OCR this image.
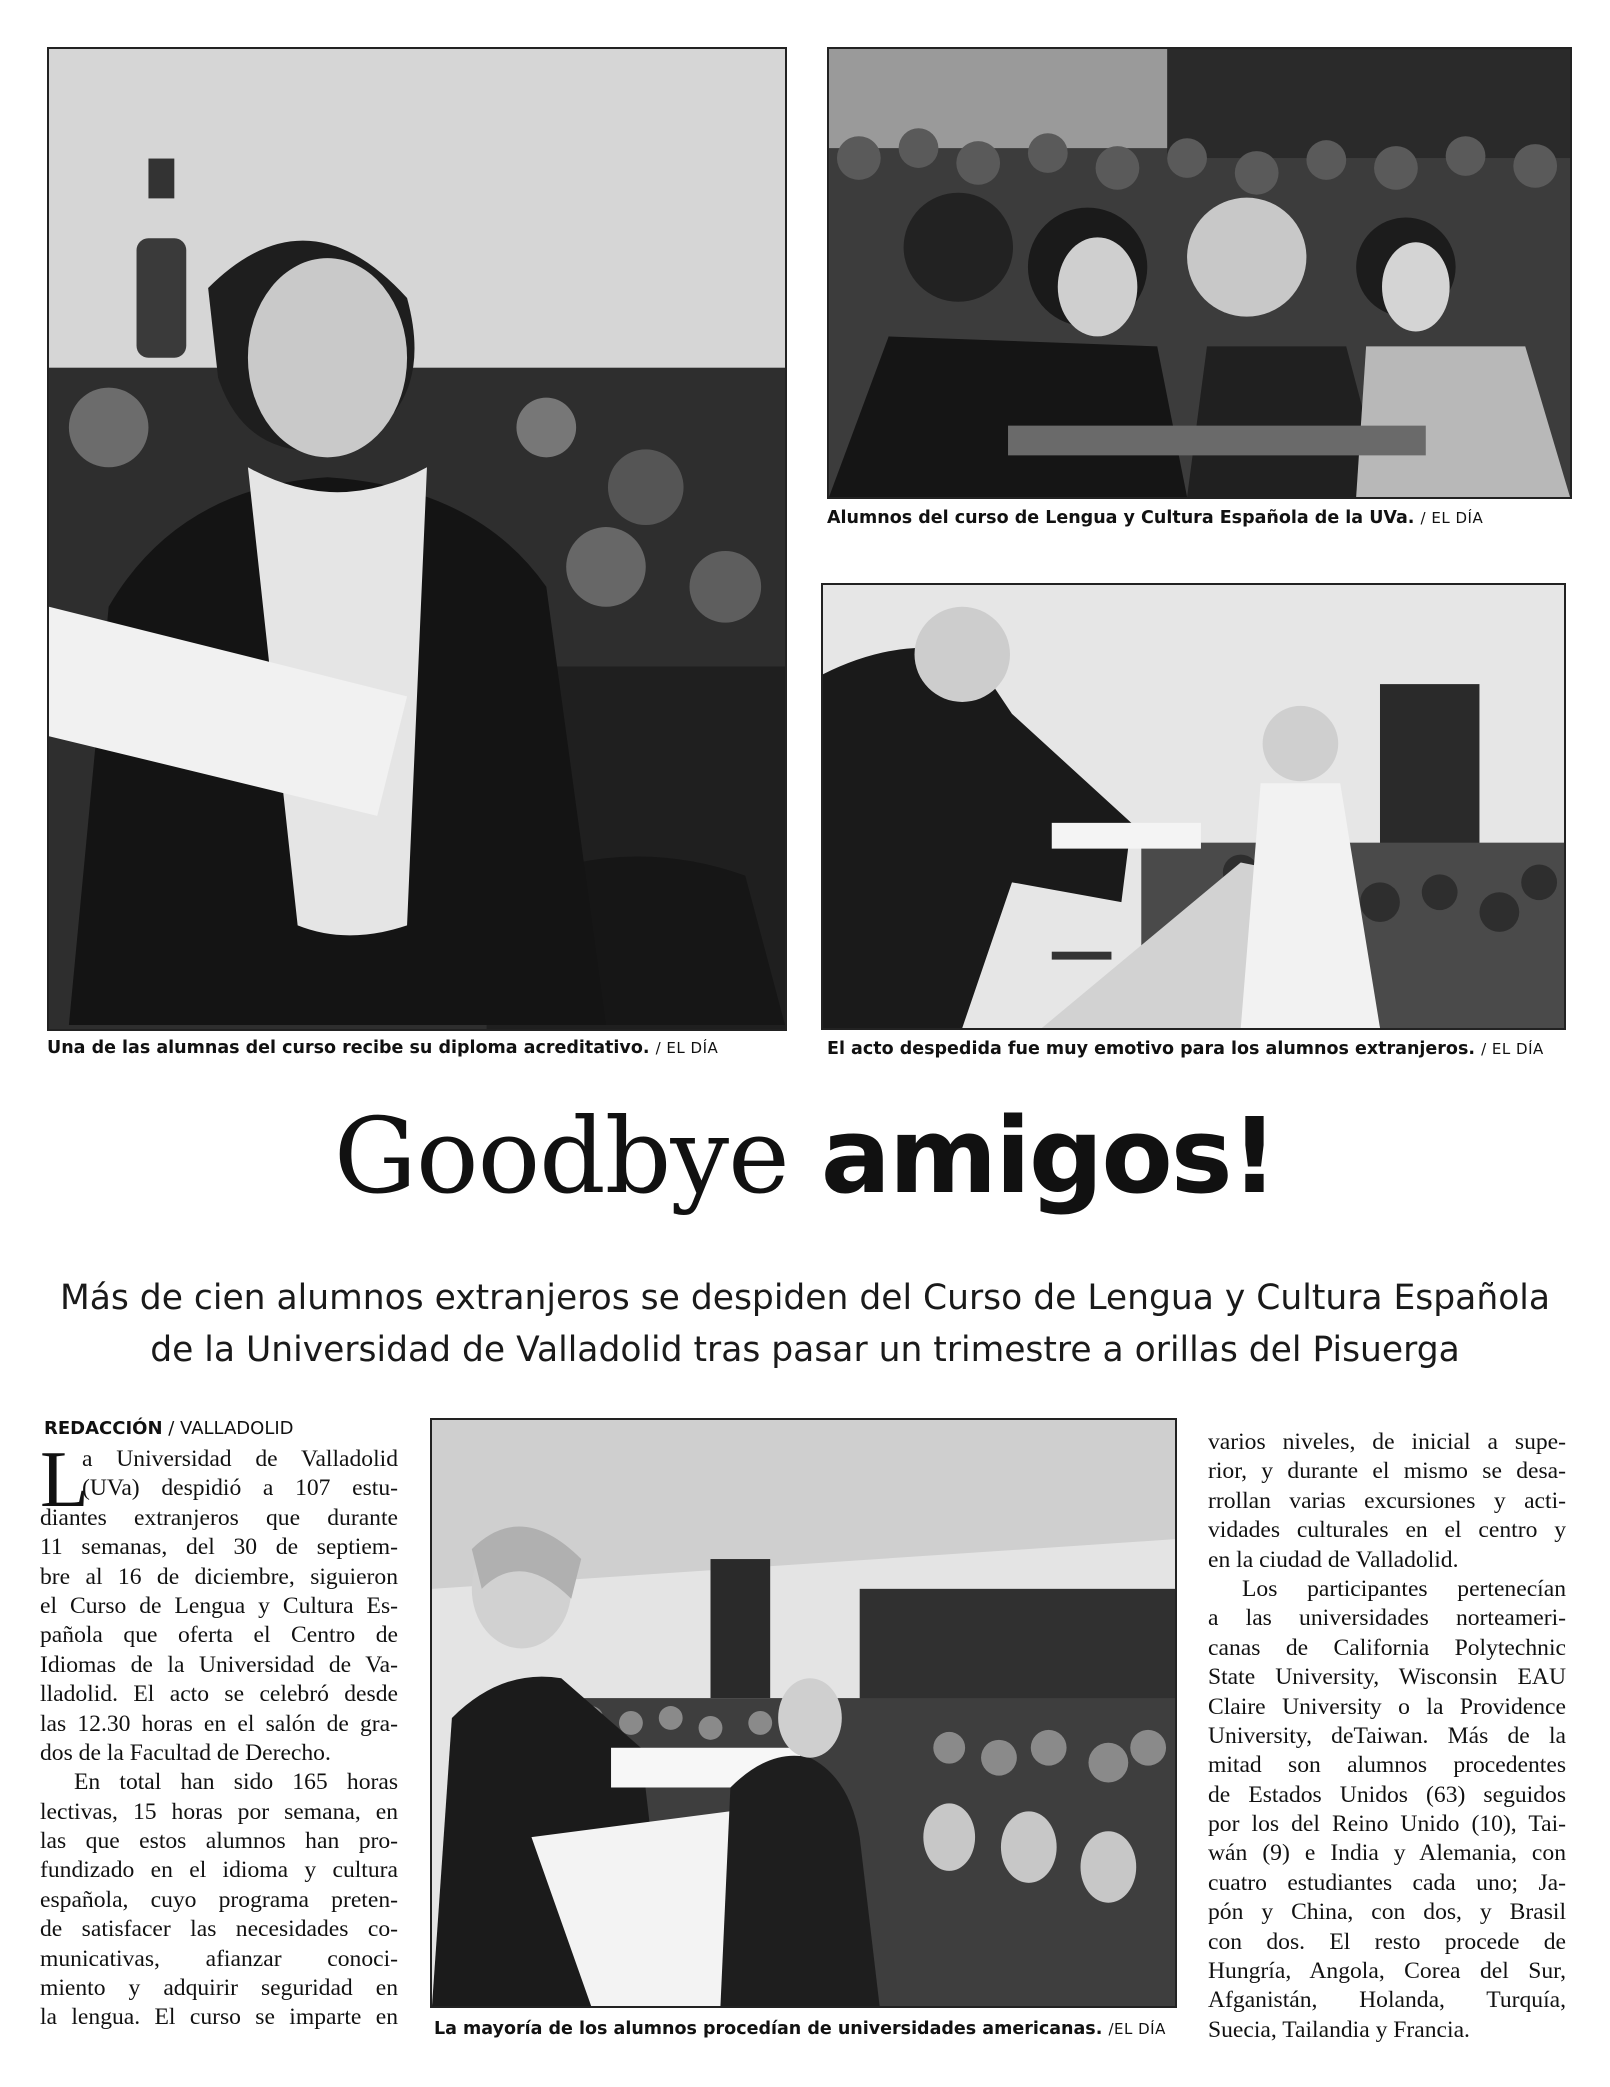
Una de las alumnas del curso recibe su diploma acreditativo. / EL DÍA
Alumnos del curso de Lengua y Cultura Española de la UVa. / EL DÍA
El acto despedida fue muy emotivo para los alumnos extranjeros. / EL DÍA
Goodbye amigos!
Más de cien alumnos extranjeros se despiden del Curso de Lengua y Cultura Española
de la Universidad de Valladolid tras pasar un trimestre a orillas del Pisuerga
REDACCIÓN / VALLADOLID
L
a Universidad de Valladolid
(UVa) despidió a 107 estu-
diantes extranjeros que durante
11 semanas, del 30 de septiem-
bre al 16 de diciembre, siguieron
el Curso de Lengua y Cultura Es-
pañola que oferta el Centro de
Idiomas de la Universidad de Va-
lladolid. El acto se celebró desde
las 12.30 horas en el salón de gra-
dos de la Facultad de Derecho.
En total han sido 165 horas
lectivas, 15 horas por semana, en
las que estos alumnos han pro-
fundizado en el idioma y cultura
española, cuyo programa preten-
de satisfacer las necesidades co-
municativas, afianzar conoci-
miento y adquirir seguridad en
la lengua. El curso se imparte en La mayoría de los alumnos procedían de universidades americanas. /EL DÍA
varios niveles, de inicial a supe-
rior, y durante el mismo se desa-
rrollan varias excursiones y acti-
vidades culturales en el centro y
en la ciudad de Valladolid.
Los participantes pertenecían
a las universidades norteameri-
canas de California Polytechnic
State University, Wisconsin EAU
Claire University o la Providence
University, deTaiwan. Más de la
mitad son alumnos procedentes
de Estados Unidos (63) seguidos
por los del Reino Unido (10), Tai-
wán (9) e India y Alemania, con
cuatro estudiantes cada uno; Ja-
pón y China, con dos, y Brasil
con dos. El resto procede de
Hungría, Angola, Corea del Sur,
Afganistán, Holanda, Turquía,
Suecia, Tailandia y Francia.
